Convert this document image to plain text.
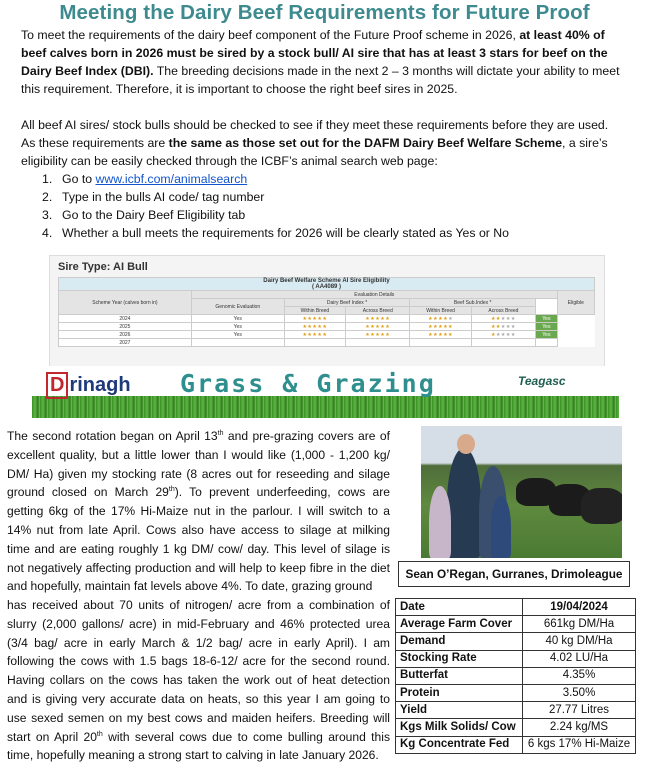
Meeting the Dairy Beef Requirements for Future Proof
To meet the requirements of the dairy beef component of the Future Proof scheme in 2026, at least 40% of beef calves born in 2026 must be sired by a stock bull/ AI sire that has at least 3 stars for beef on the Dairy Beef Index (DBI). The breeding decisions made in the next 2 – 3 months will dictate your ability to meet this requirement. Therefore, it is important to choose the right beef sires in 2025.
All beef AI sires/ stock bulls should be checked to see if they meet these requirements before they are used. As these requirements are the same as those set out for the DAFM Dairy Beef Welfare Scheme, a sire’s eligibility can be easily checked through the ICBF’s animal search web page:
1. Go to www.icbf.com/animalsearch
2. Type in the bulls AI code/ tag number
3. Go to the Dairy Beef Eligibility tab
4. Whether a bull meets the requirements for 2026 will be clearly stated as Yes or No
Sire Type: AI Bull
Dairy Beef Welfare Scheme AI Sire Eligibility
( AA4089 )							
Scheme Year (calves born in)	Evaluation Details						Eligible
	Genomic Evaluation	Dairy Beef Index *		Beef Sub.Index *		
		Within Breed	Across Breed	Within Breed	Across Breed		
2024	Yes	★★★★★	★★★★★	★★★★★	★★★★★	Yes	
2025	Yes	★★★★★	★★★★★	★★★★★	★★★★★	Yes	
2026	Yes	★★★★★	★★★★★	★★★★★	★★★★★	Yes	
2027							
D rinagh Grass & Grazing	Teagasc
The second rotation began on April 13th and pre-grazing covers are of excellent quality, but a little lower than I would like (1,000 - 1,200 kg/ DM/ Ha) given my stocking rate (8 acres out for reseeding and silage ground closed on March 29th). To prevent underfeeding, cows are getting 6kg of the 17% Hi-Maize nut in the parlour. I will switch to a 14% nut from late April. Cows also have access to silage at milking time and are eating roughly 1 kg DM/ cow/ day. This level of silage is not negatively affecting production and will help to keep fibre in the diet and hopefully, maintain fat levels above 4%. To date, grazing ground
has received about 70 units of nitrogen/ acre from a combination of slurry (2,000 gallons/ acre) in mid-February and 46% protected urea (3/4 bag/ acre in early March & 1/2 bag/ acre in early April). I am following the cows with 1.5 bags 18-6-12/ acre for the second round. Having collars on the cows has taken the work out of heat detection and is giving very accurate data on heats, so this year I am going to use sexed semen on my best cows and maiden heifers. Breeding will start on April 20th with several cows due to come bulling around this time, hopefully meaning a strong start to calving in late January 2026.
Sean O’Regan, Gurranes, Drimoleague
Date	19/04/2024
Average Farm Cover	661kg DM/Ha
Demand	40 kg DM/Ha
Stocking Rate	4.02 LU/Ha
Butterfat	4.35%
Protein	3.50%
Yield	27.77 Litres
Kgs Milk Solids/ Cow	2.24 kg/MS
Kg Concentrate Fed	6 kgs 17% Hi-Maize
